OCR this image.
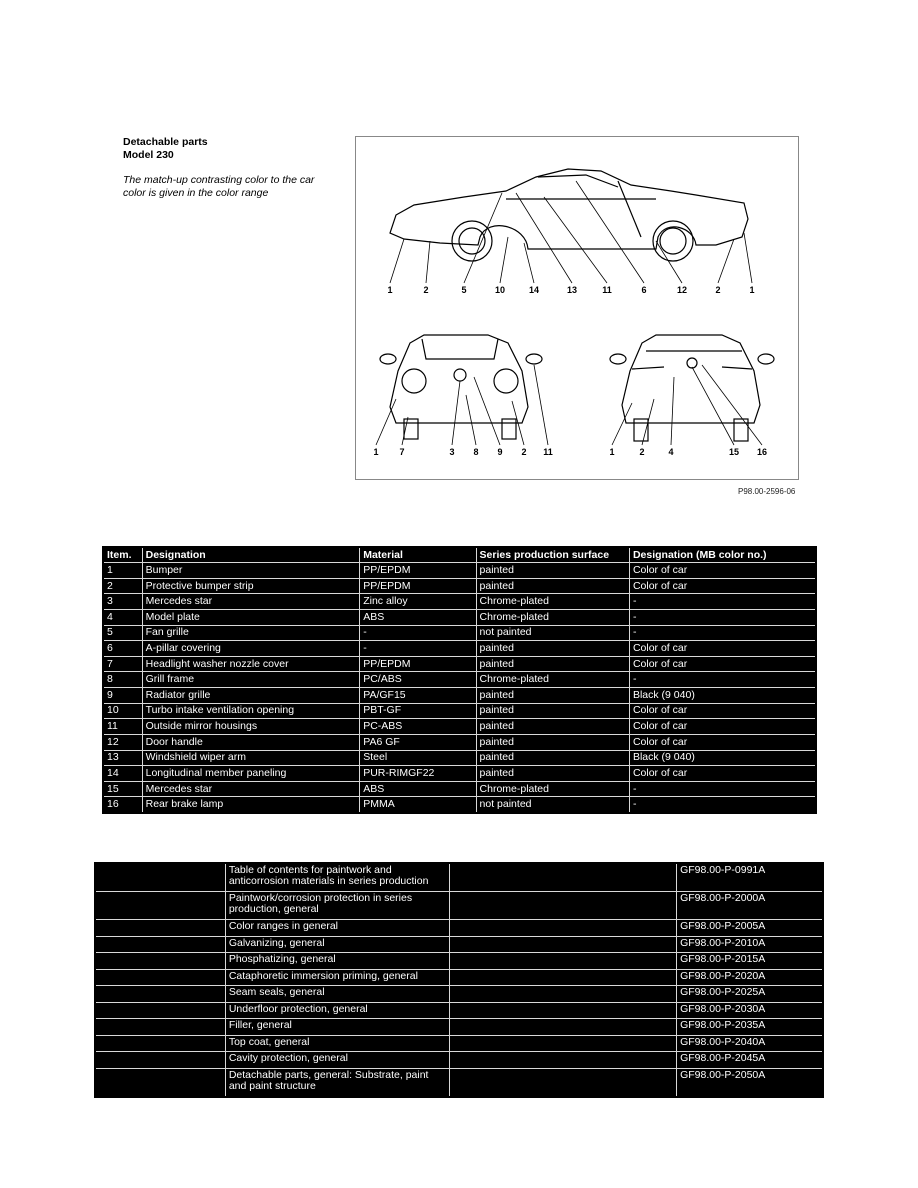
Detachable parts
Model 230
The match-up contrasting color to the car color is given in the color range
1	2	5	10	14	13	11	6	12	2	1
1 7	3 8 9 2 11	1	2	4	15 16
P98.00-2596-06
Item.	Designation	Material	Series production surface	Designation (MB color no.)
1	Bumper	PP/EPDM	painted	Color of car
2	Protective bumper strip	PP/EPDM	painted	Color of car
3	Mercedes star	Zinc alloy	Chrome-plated	-
4	Model plate	ABS	Chrome-plated	-
5	Fan grille	-	not painted	-
6	A-pillar covering	-	painted	Color of car
7	Headlight washer nozzle cover	PP/EPDM	painted	Color of car
8	Grill frame	PC/ABS	Chrome-plated	-
9	Radiator grille	PA/GF15	painted	Black (9 040)
10	Turbo intake ventilation opening	PBT-GF	painted	Color of car
11	Outside mirror housings	PC-ABS	painted	Color of car
12	Door handle	PA6 GF	painted	Color of car
13	Windshield wiper arm	Steel	painted	Black (9 040)
14	Longitudinal member paneling	PUR-RIMGF22	painted	Color of car
15	Mercedes star	ABS	Chrome-plated	-
16	Rear brake lamp	PMMA	not painted	-
	Table of contents for paintwork and anticorrosion materials in series production		GF98.00-P-0991A
	Paintwork/corrosion protection in series production, general		GF98.00-P-2000A
	Color ranges in general		GF98.00-P-2005A
	Galvanizing, general		GF98.00-P-2010A
	Phosphatizing, general		GF98.00-P-2015A
	Cataphoretic immersion priming, general		GF98.00-P-2020A
	Seam seals, general		GF98.00-P-2025A
	Underfloor protection, general		GF98.00-P-2030A
	Filler, general		GF98.00-P-2035A
	Top coat, general		GF98.00-P-2040A
	Cavity protection, general		GF98.00-P-2045A
	Detachable parts, general: Substrate, paint and paint structure		GF98.00-P-2050A
